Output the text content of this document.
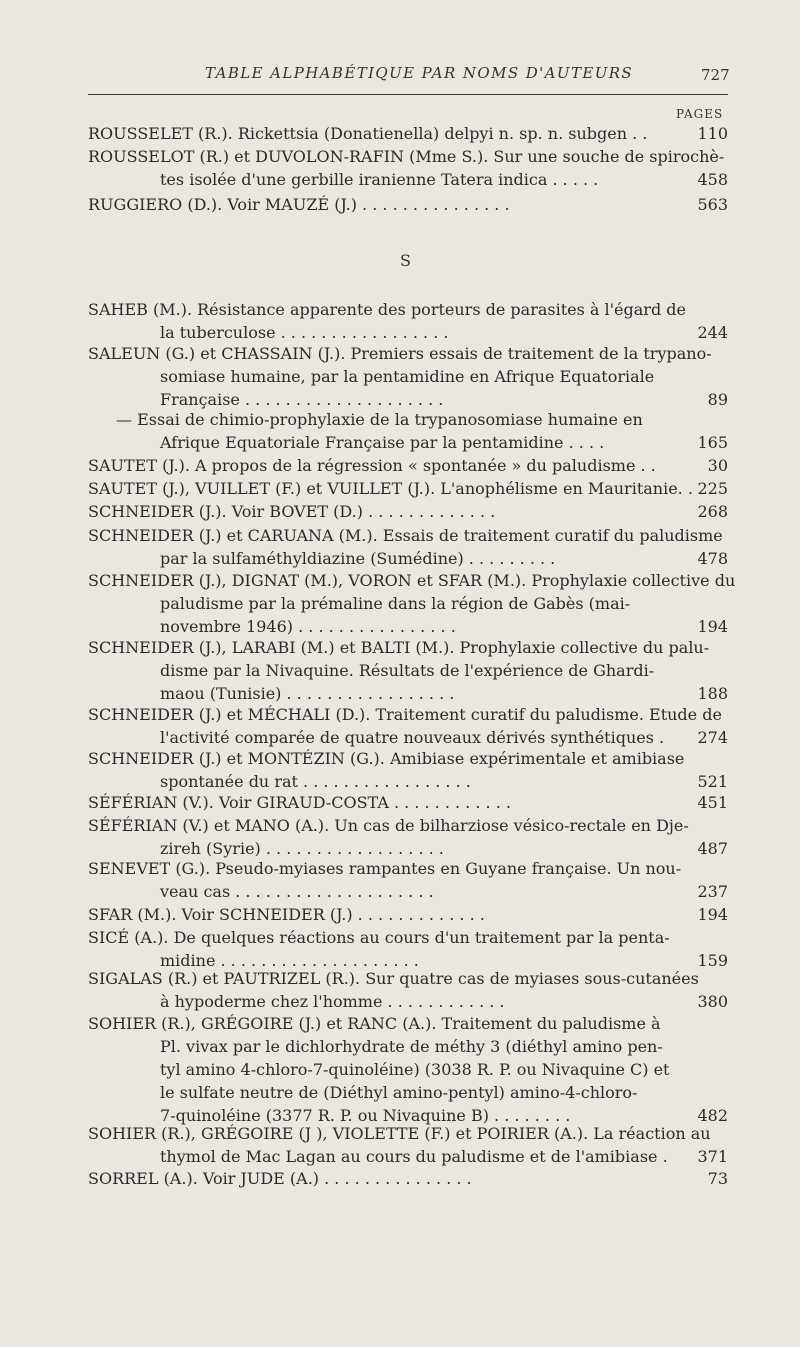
TABLE ALPHABÉTIQUE PAR NOMS D'AUTEURS	727
PAGES
ROUSSELET (R.). Rickettsia (Donatienella) delpyi n. sp. n. subgen . .	110
ROUSSELOT (R.) et DUVOLON-RAFIN (Mme S.). Sur une souche de spirochè-
tes isolée d'une gerbille iranienne Tatera indica . . . . .	458
RUGGIERO (D.). Voir MAUZÉ (J.) . . . . . . . . . . . . . . .	563
S
SAHEB (M.). Résistance apparente des porteurs de parasites à l'égard de
la tuberculose . . . . . . . . . . . . . . . . .	244
SALEUN (G.) et CHASSAIN (J.). Premiers essais de traitement de la trypano-
somiase humaine, par la pentamidine en Afrique Equatoriale
Française . . . . . . . . . . . . . . . . . . . .	89
— Essai de chimio-prophylaxie de la trypanosomiase humaine en
Afrique Equatoriale Française par la pentamidine . . . .	165
SAUTET (J.). A propos de la régression « spontanée » du paludisme . .	30
SAUTET (J.), VUILLET (F.) et VUILLET (J.). L'anophélisme en Mauritanie. . 225
SCHNEIDER (J.). Voir BOVET (D.) . . . . . . . . . . . . .	268
SCHNEIDER (J.) et CARUANA (M.). Essais de traitement curatif du paludisme
par la sulfaméthyldiazine (Sumédine) . . . . . . . . .	478
SCHNEIDER (J.), DIGNAT (M.), VORON et SFAR (M.). Prophylaxie collective du
paludisme par la prémaline dans la région de Gabès (mai-
novembre 1946) . . . . . . . . . . . . . . . .	194
SCHNEIDER (J.), LARABI (M.) et BALTI (M.). Prophylaxie collective du palu-
disme par la Nivaquine. Résultats de l'expérience de Ghardi-
maou (Tunisie) . . . . . . . . . . . . . . . . .	188
SCHNEIDER (J.) et MÉCHALI (D.). Traitement curatif du paludisme. Etude de
l'activité comparée de quatre nouveaux dérivés synthétiques .	274
SCHNEIDER (J.) et MONTÉZIN (G.). Amibiase expérimentale et amibiase
spontanée du rat . . . . . . . . . . . . . . . . .	521
SÉFÉRIAN (V.). Voir GIRAUD-COSTA . . . . . . . . . . . .	451
SÉFÉRIAN (V.) et MANO (A.). Un cas de bilharziose vésico-rectale en Dje-
zireh (Syrie) . . . . . . . . . . . . . . . . . .	487
SENEVET (G.). Pseudo-myiases rampantes en Guyane française. Un nou-
veau cas . . . . . . . . . . . . . . . . . . . .	237
SFAR (M.). Voir SCHNEIDER (J.) . . . . . . . . . . . . .	194
SICÉ (A.). De quelques réactions au cours d'un traitement par la penta-
midine . . . . . . . . . . . . . . . . . . . .	159
SIGALAS (R.) et PAUTRIZEL (R.). Sur quatre cas de myiases sous-cutanées
à hypoderme chez l'homme . . . . . . . . . . . .	380
SOHIER (R.), GRÉGOIRE (J.) et RANC (A.). Traitement du paludisme à
Pl. vivax par le dichlorhydrate de méthy 3 (diéthyl amino pen-
tyl amino 4-chloro-7-quinoléine) (3038 R. P. ou Nivaquine C) et
le sulfate neutre de (Diéthyl amino-pentyl) amino-4-chloro-
7-quinoléine (3377 R. P. ou Nivaquine B) . . . . . . . .	482
SOHIER (R.), GRÉGOIRE (J ), VIOLETTE (F.) et POIRIER (A.). La réaction au
thymol de Mac Lagan au cours du paludisme et de l'amibiase .	371
SORREL (A.). Voir JUDE (A.) . . . . . . . . . . . . . . .	73
